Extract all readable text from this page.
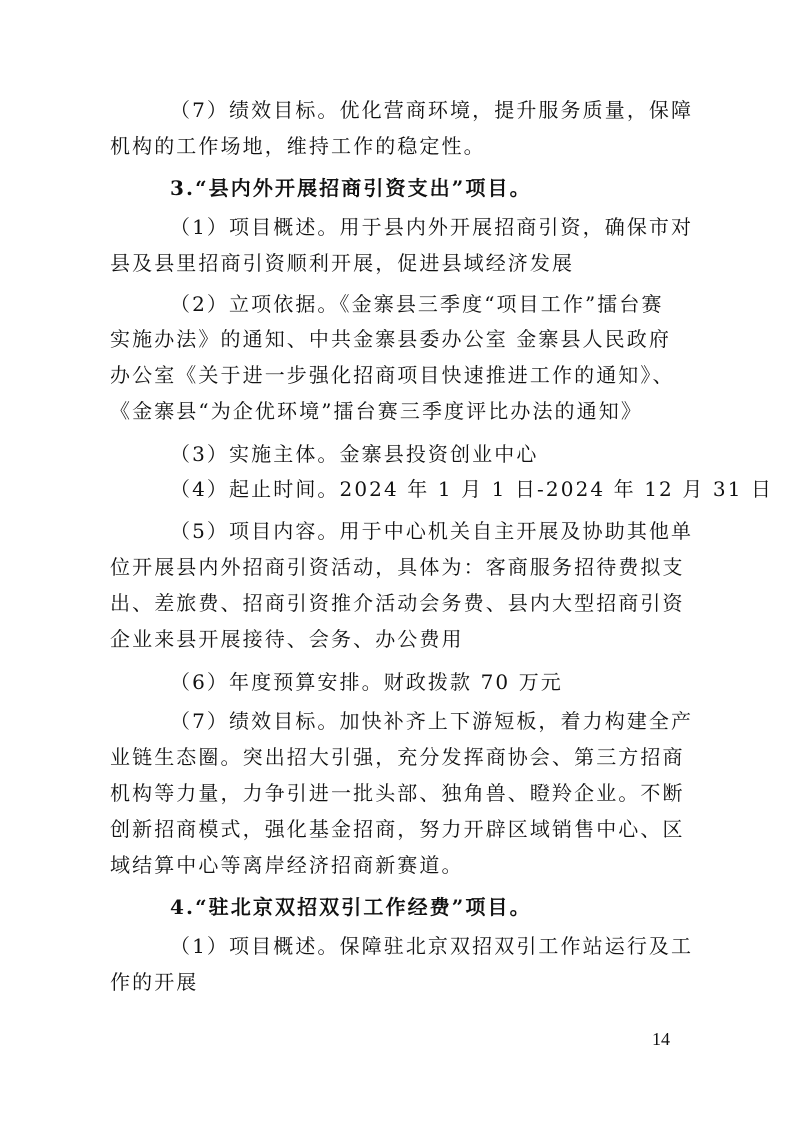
（7）绩效目标。优化营商环境，提升服务质量，保障
机构的工作场地，维持工作的稳定性。
3.“县内外开展招商引资支出”项目。
（1）项目概述。用于县内外开展招商引资，确保市对
县及县里招商引资顺利开展，促进县域经济发展
（2）立项依据。《金寨县三季度“项目工作”擂台赛
实施办法》的通知、中共金寨县委办公室 金寨县人民政府
办公室《关于进一步强化招商项目快速推进工作的通知》、
《金寨县“为企优环境”擂台赛三季度评比办法的通知》
（3）实施主体。金寨县投资创业中心
（4）起止时间。2024 年 1 月 1 日-2024 年 12 月 31 日
（5）项目内容。用于中心机关自主开展及协助其他单
位开展县内外招商引资活动，具体为：客商服务招待费拟支
出、差旅费、招商引资推介活动会务费、县内大型招商引资
企业来县开展接待、会务、办公费用
（6）年度预算安排。财政拨款 70 万元
（7）绩效目标。加快补齐上下游短板，着力构建全产
业链生态圈。突出招大引强，充分发挥商协会、第三方招商
机构等力量，力争引进一批头部、独角兽、瞪羚企业。不断
创新招商模式，强化基金招商，努力开辟区域销售中心、区
域结算中心等离岸经济招商新赛道。
4.“驻北京双招双引工作经费”项目。
（1）项目概述。保障驻北京双招双引工作站运行及工
作的开展
14
